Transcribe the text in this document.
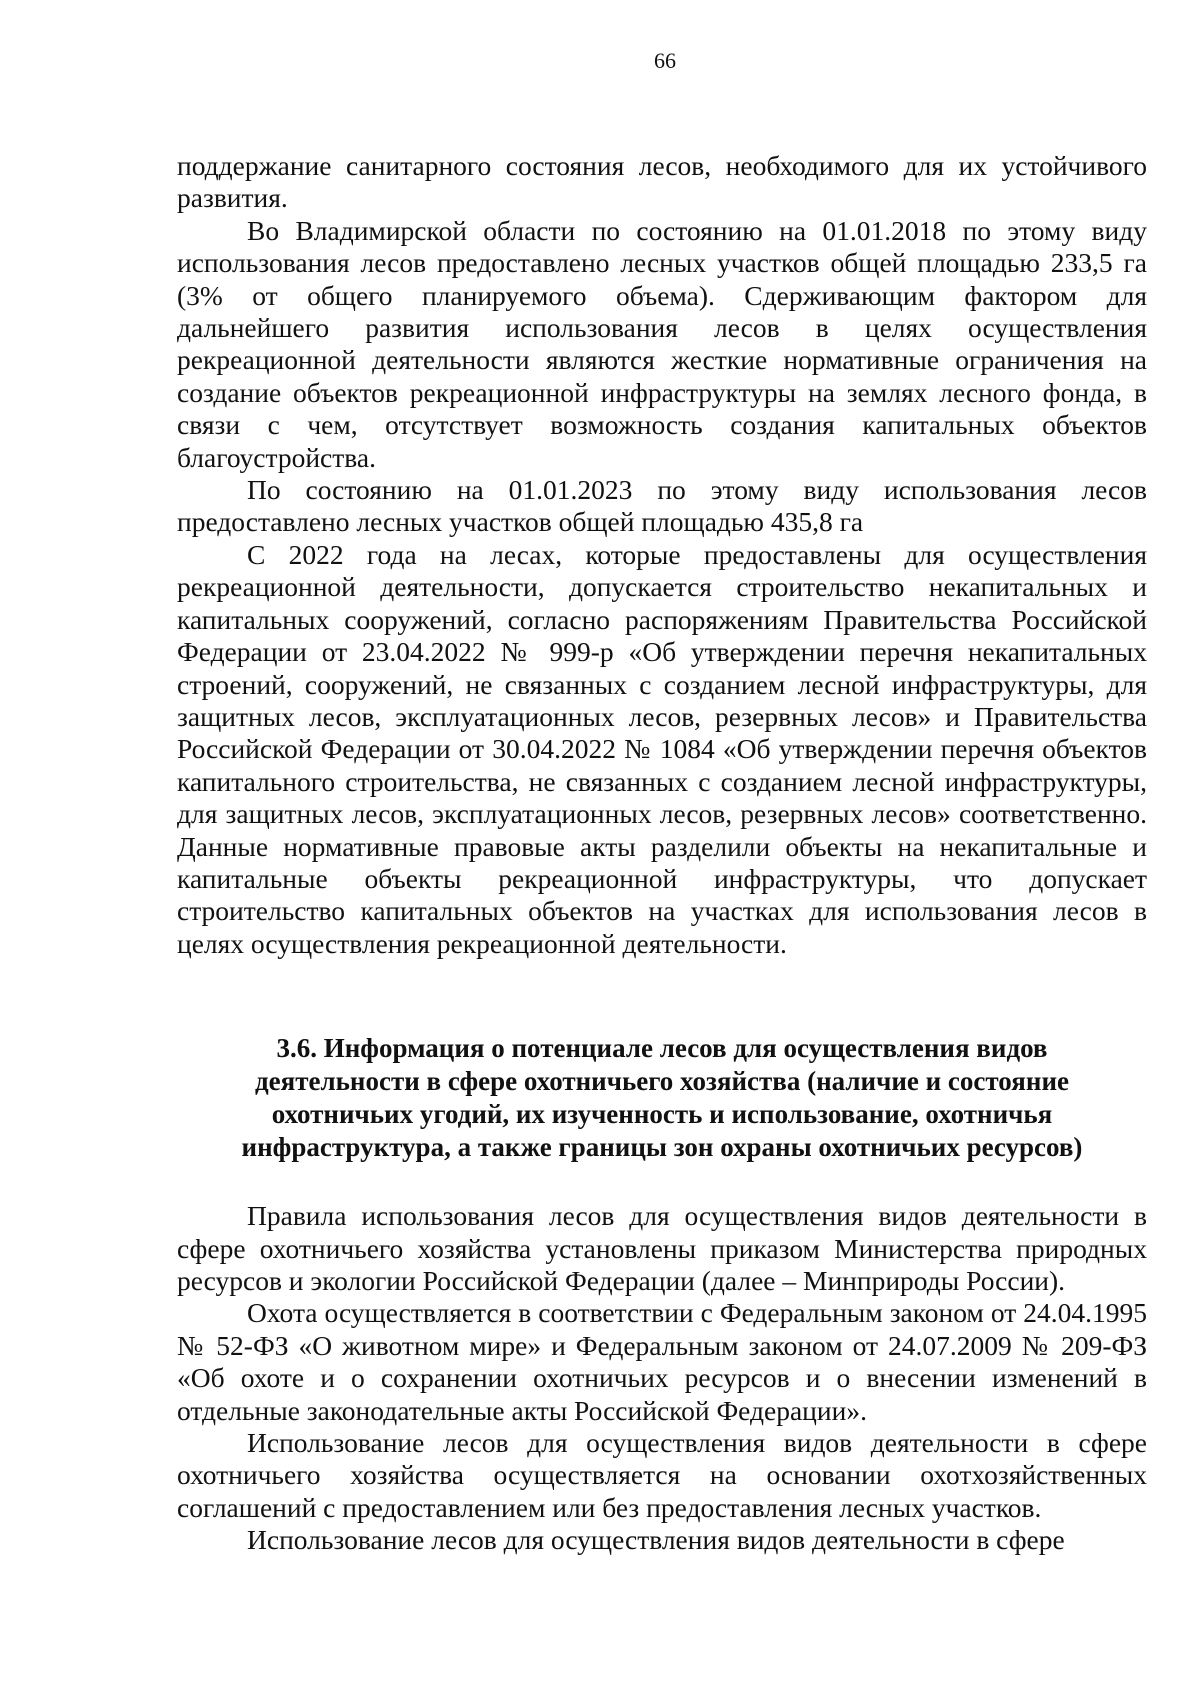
66

поддержание санитарного состояния лесов, необходимого для их устойчивого развития.

Во Владимирской области по состоянию на 01.01.2018 по этому виду использования лесов предоставлено лесных участков общей площадью 233,5 га (3% от общего планируемого объема). Сдерживающим фактором для дальнейшего развития использования лесов в целях осуществления рекреационной деятельности являются жесткие нормативные ограничения на создание объектов рекреационной инфраструктуры на землях лесного фонда, в связи с чем, отсутствует возможность создания капитальных объектов благоустройства.

По состоянию на 01.01.2023 по этому виду использования лесов предоставлено лесных участков общей площадью 435,8 га

С 2022 года на лесах, которые предоставлены для осуществления рекреационной деятельности, допускается строительство некапитальных и капитальных сооружений, согласно распоряжениям Правительства Российской Федерации от 23.04.2022 № 999-р «Об утверждении перечня некапитальных строений, сооружений, не связанных с созданием лесной инфраструктуры, для защитных лесов, эксплуатационных лесов, резервных лесов» и Правительства Российской Федерации от 30.04.2022 № 1084 «Об утверждении перечня объектов капитального строительства, не связанных с созданием лесной инфраструктуры, для защитных лесов, эксплуатационных лесов, резервных лесов» соответственно. Данные нормативные правовые акты разделили объекты на некапитальные и капитальные объекты рекреационной инфраструктуры, что допускает строительство капитальных объектов на участках для использования лесов в целях осуществления рекреационной деятельности.

3.6. Информация о потенциале лесов для осуществления видов
деятельности в сфере охотничьего хозяйства (наличие и состояние
охотничьих угодий, их изученность и использование, охотничья
инфраструктура, а также границы зон охраны охотничьих ресурсов)

Правила использования лесов для осуществления видов деятельности в сфере охотничьего хозяйства установлены приказом Министерства природных ресурсов и экологии Российской Федерации (далее – Минприроды России).

Охота осуществляется в соответствии с Федеральным законом от 24.04.1995 № 52-ФЗ «О животном мире» и Федеральным законом от 24.07.2009 № 209-ФЗ «Об охоте и о сохранении охотничьих ресурсов и о внесении изменений в отдельные законодательные акты Российской Федерации».

Использование лесов для осуществления видов деятельности в сфере охотничьего хозяйства осуществляется на основании охотхозяйственных соглашений с предоставлением или без предоставления лесных участков.

Использование лесов для осуществления видов деятельности в сфере
